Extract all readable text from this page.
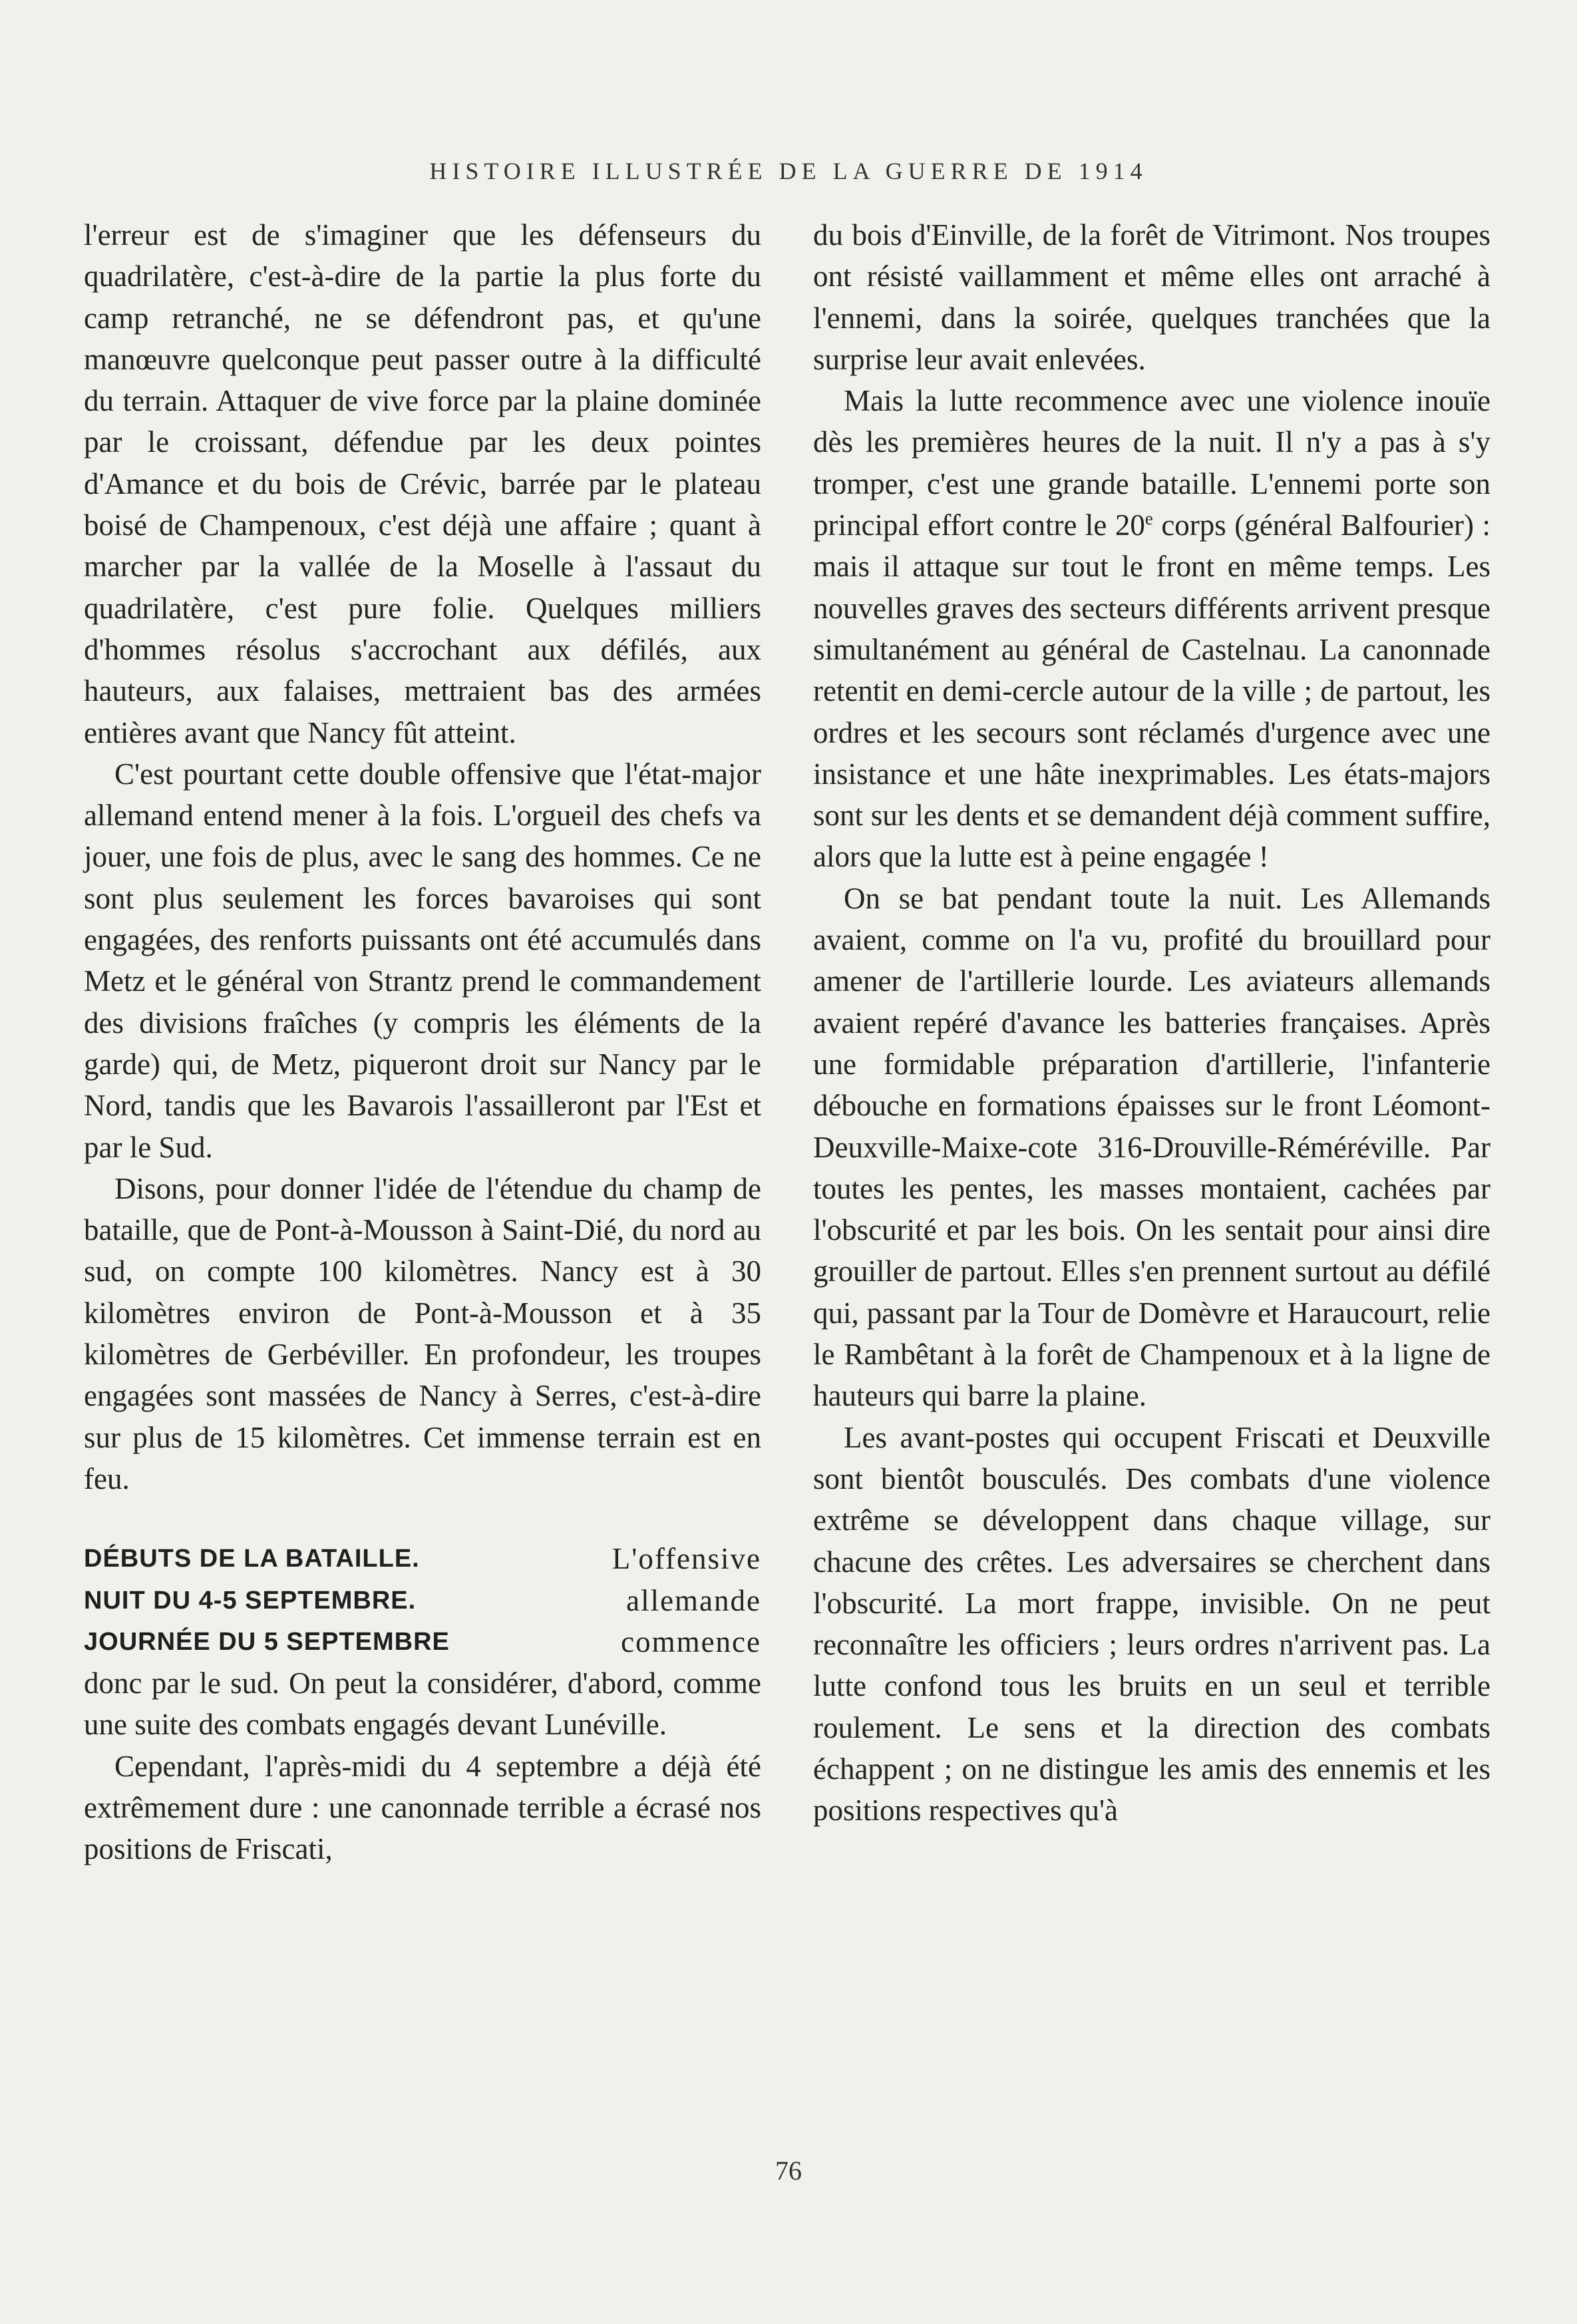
HISTOIRE ILLUSTRÉE DE LA GUERRE DE 1914

l'erreur est de s'imaginer que les défenseurs du quadrilatère, c'est-à-dire de la partie la plus forte du camp retranché, ne se défendront pas, et qu'une manœuvre quelconque peut passer outre à la difficulté du terrain. Attaquer de vive force par la plaine dominée par le croissant, défendue par les deux pointes d'Amance et du bois de Crévic, barrée par le plateau boisé de Champenoux, c'est déjà une affaire ; quant à marcher par la vallée de la Moselle à l'assaut du quadrilatère, c'est pure folie. Quelques milliers d'hommes résolus s'accrochant aux défilés, aux hauteurs, aux falaises, mettraient bas des armées entières avant que Nancy fût atteint.

C'est pourtant cette double offensive que l'état-major allemand entend mener à la fois. L'orgueil des chefs va jouer, une fois de plus, avec le sang des hommes. Ce ne sont plus seulement les forces bavaroises qui sont engagées, des renforts puissants ont été accumulés dans Metz et le général von Strantz prend le commandement des divisions fraîches (y compris les éléments de la garde) qui, de Metz, piqueront droit sur Nancy par le Nord, tandis que les Bavarois l'assailleront par l'Est et par le Sud.

Disons, pour donner l'idée de l'étendue du champ de bataille, que de Pont-à-Mousson à Saint-Dié, du nord au sud, on compte 100 kilomètres. Nancy est à 30 kilomètres environ de Pont-à-Mousson et à 35 kilomètres de Gerbéviller. En profondeur, les troupes engagées sont massées de Nancy à Serres, c'est-à-dire sur plus de 15 kilomètres. Cet immense terrain est en feu.

DÉBUTS DE LA BATAILLE.
NUIT DU 4-5 SEPTEMBRE.
JOURNÉE DU 5 SEPTEMBRE
L'offensive
allemande
commence

donc par le sud. On peut la considérer, d'abord, comme une suite des combats engagés devant Lunéville.

Cependant, l'après-midi du 4 septembre a déjà été extrêmement dure : une canonnade terrible a écrasé nos positions de Friscati,

du bois d'Einville, de la forêt de Vitrimont. Nos troupes ont résisté vaillamment et même elles ont arraché à l'ennemi, dans la soirée, quelques tranchées que la surprise leur avait enlevées.

Mais la lutte recommence avec une violence inouïe dès les premières heures de la nuit. Il n'y a pas à s'y tromper, c'est une grande bataille. L'ennemi porte son principal effort contre le 20e corps (général Balfourier) : mais il attaque sur tout le front en même temps. Les nouvelles graves des secteurs différents arrivent presque simultanément au général de Castelnau. La canonnade retentit en demi-cercle autour de la ville ; de partout, les ordres et les secours sont réclamés d'urgence avec une insistance et une hâte inexprimables. Les états-majors sont sur les dents et se demandent déjà comment suffire, alors que la lutte est à peine engagée !

On se bat pendant toute la nuit. Les Allemands avaient, comme on l'a vu, profité du brouillard pour amener de l'artillerie lourde. Les aviateurs allemands avaient repéré d'avance les batteries françaises. Après une formidable préparation d'artillerie, l'infanterie débouche en formations épaisses sur le front Léomont-Deuxville-Maixe-cote 316-Drouville-Réméréville. Par toutes les pentes, les masses montaient, cachées par l'obscurité et par les bois. On les sentait pour ainsi dire grouiller de partout. Elles s'en prennent surtout au défilé qui, passant par la Tour de Domèvre et Haraucourt, relie le Rambêtant à la forêt de Champenoux et à la ligne de hauteurs qui barre la plaine.

Les avant-postes qui occupent Friscati et Deuxville sont bientôt bousculés. Des combats d'une violence extrême se développent dans chaque village, sur chacune des crêtes. Les adversaires se cherchent dans l'obscurité. La mort frappe, invisible. On ne peut reconnaître les officiers ; leurs ordres n'arrivent pas. La lutte confond tous les bruits en un seul et terrible roulement. Le sens et la direction des combats échappent ; on ne distingue les amis des ennemis et les positions respectives qu'à

76
